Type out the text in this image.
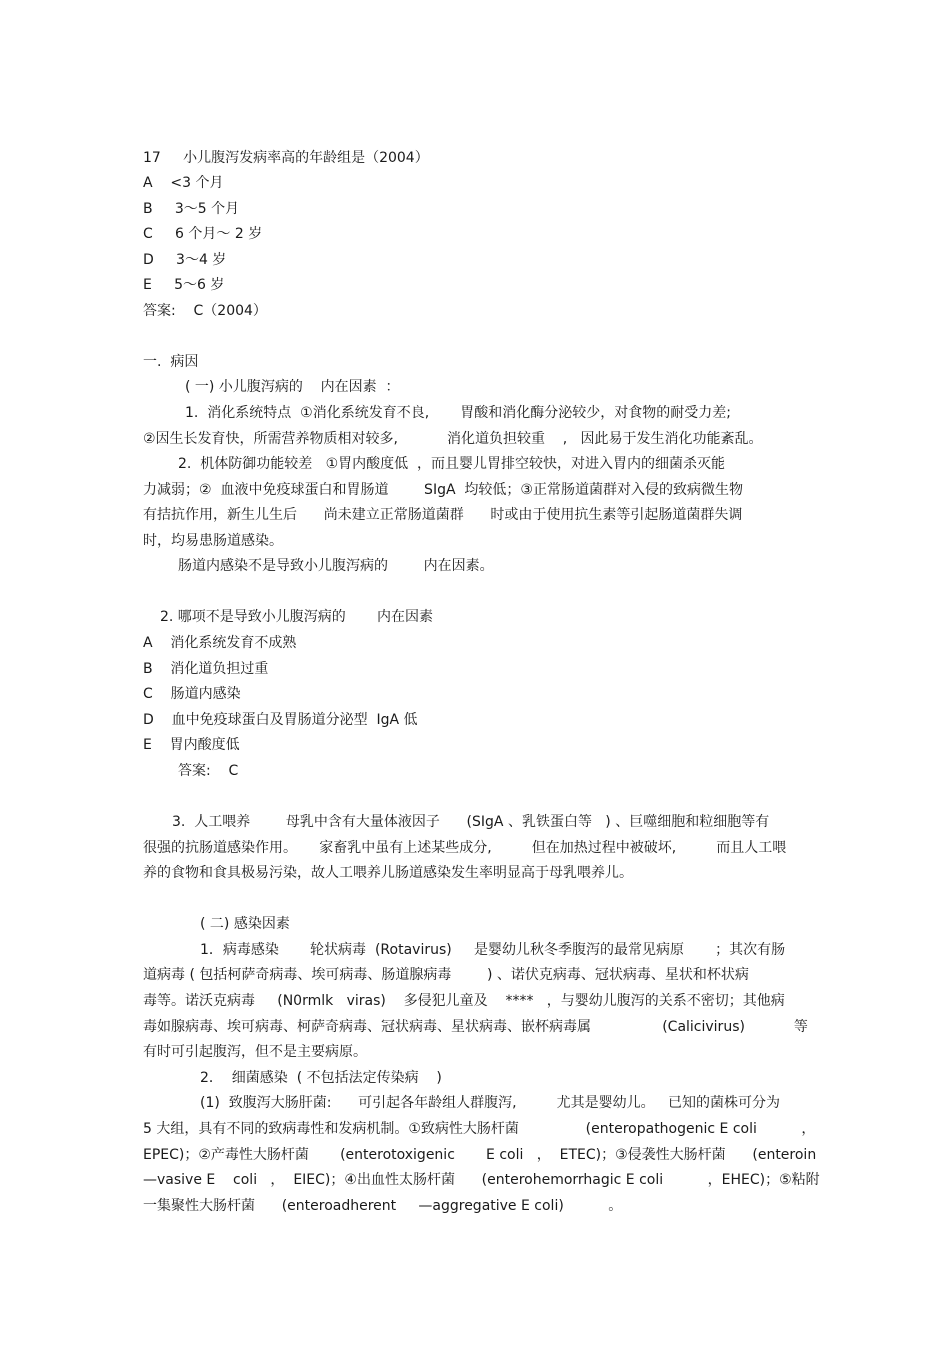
17     小儿腹泻发病率高的年龄组是（2004）
A    <3 个月
B     3～5 个月
C     6 个月～ 2 岁
D     3～4 岁
E     5～6 岁
答案:    C（2004）
一.  病因
( 一) 小儿腹泻病的    内在因素  ：
1.  消化系统特点  ①消化系统发育不良,       胃酸和消化酶分泌较少，对食物的耐受力差;
②因生长发育快，所需营养物质相对较多,           消化道负担较重    ,   因此易于发生消化功能紊乱。
2.  机体防御功能较差   ①胃内酸度低  ，而且婴儿胃排空较快，对进入胃内的细菌杀灭能
力减弱；②  血液中免疫球蛋白和胃肠道        SIgA  均较低；③正常肠道菌群对入侵的致病微生物
有拮抗作用，新生儿生后      尚未建立正常肠道菌群      时或由于使用抗生素等引起肠道菌群失调
时，均易患肠道感染。
肠道内感染不是导致小儿腹泻病的        内在因素。
2. 哪项不是导致小儿腹泻病的       内在因素
A    消化系统发育不成熟
B    消化道负担过重
C    肠道内感染
D    血中免疫球蛋白及胃肠道分泌型  IgA 低
E    胃内酸度低
答案:    C
3.  人工喂养        母乳中含有大量体液因子      (SIgA 、乳铁蛋白等   ) 、巨噬细胞和粒细胞等有
很强的抗肠道感染作用。     家畜乳中虽有上述某些成分,         但在加热过程中被破坏,         而且人工喂
养的食物和食具极易污染，故人工喂养儿肠道感染发生率明显高于母乳喂养儿。
( 二) 感染因素
1．病毒感染       轮状病毒  (Rotavirus)     是婴幼儿秋冬季腹泻的最常见病原       ；其次有肠
道病毒 ( 包括柯萨奇病毒、埃可病毒、肠道腺病毒        ) 、诺伏克病毒、冠状病毒、星状和杯状病
毒等。诺沃克病毒     (N0rmlk   viras)    多侵犯儿童及    ****   ，与婴幼儿腹泻的关系不密切；其他病
毒如腺病毒、埃可病毒、柯萨奇病毒、冠状病毒、星状病毒、嵌杯病毒属                (Calicivirus)           等
有时可引起腹泻，但不是主要病原。
2．  细菌感染  ( 不包括法定传染病    )
(1)  致腹泻大肠肝菌:      可引起各年龄组人群腹泻,         尤其是婴幼儿。   已知的菌株可分为
5 大组，具有不同的致病毒性和发病机制。①致病性大肠杆菌               (enteropathogenic E coli          ，
EPEC)；②产毒性大肠杆菌       (enterotoxigenic       E coli   ，  ETEC)；③侵袭性大肠杆菌      (enteroin
—vasive E    coli   ，  EIEC)；④出血性太肠杆菌      (enterohemorrhagic E coli          ，EHEC)；⑤粘附
一集聚性大肠杆菌      (enteroadherent     —aggregative E coli)          。
